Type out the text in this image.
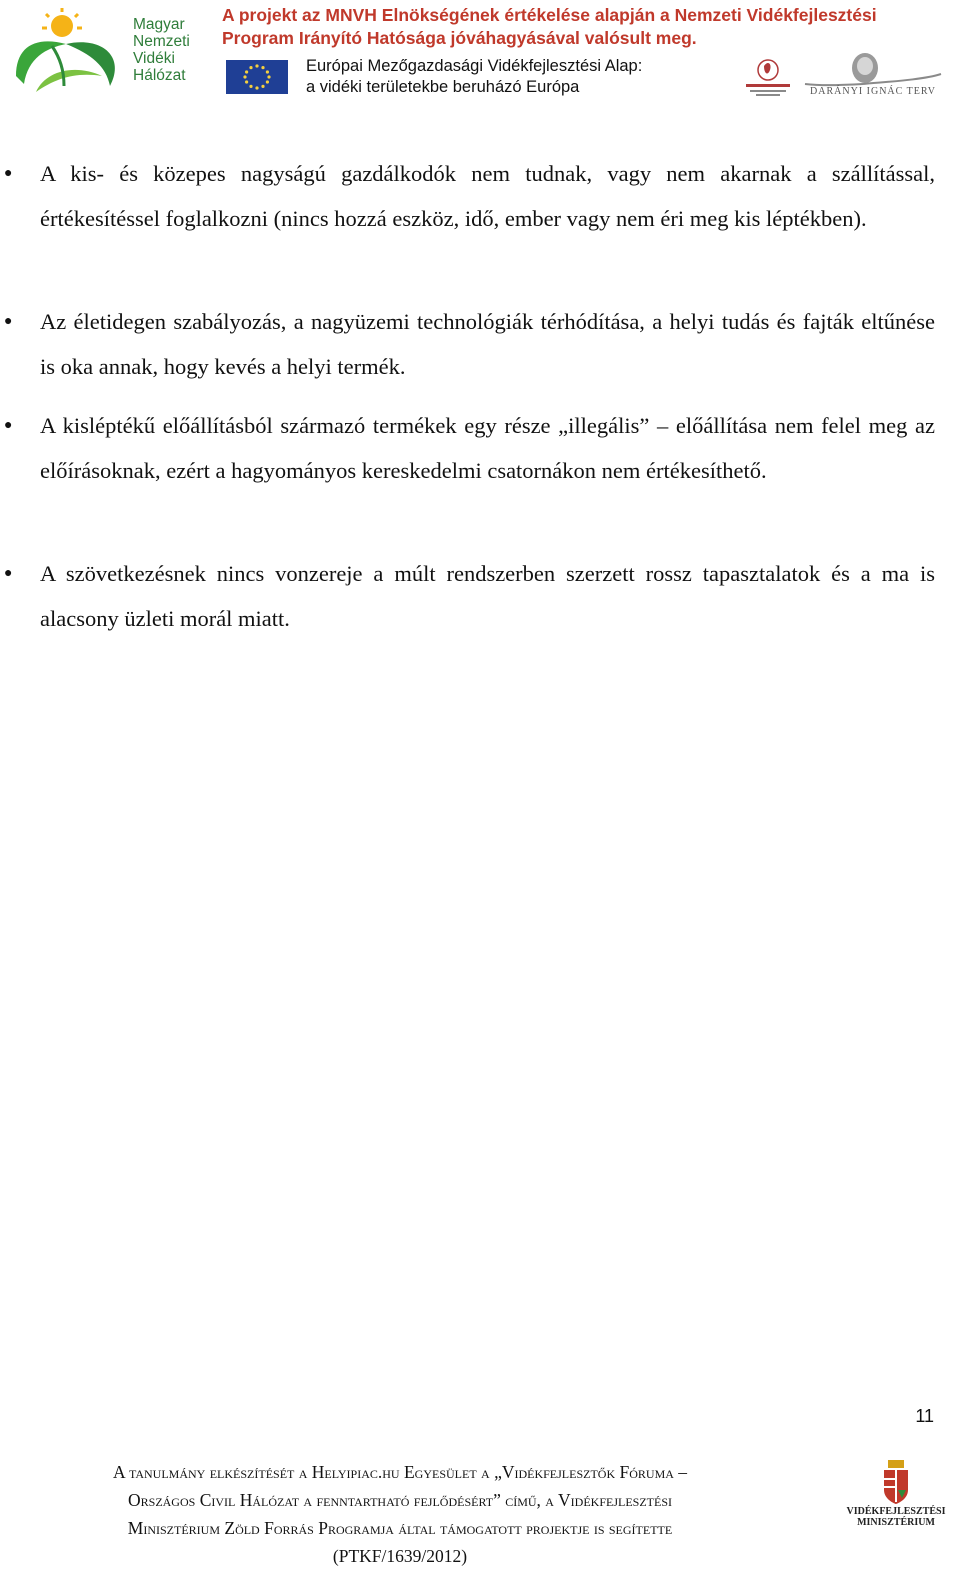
Magyar
Nemzeti
Vidéki
Hálózat
A projekt az MNVH Elnökségének értékelése alapján a Nemzeti Vidékfejlesztési
Program Irányító Hatósága jóváhagyásával valósult meg.
Európai Mezőgazdasági Vidékfejlesztési Alap:
a vidéki területekbe beruházó Európa	DARÁNYI IGNÁC TERV
● A kis- és közepes nagyságú gazdálkodók nem tudnak, vagy nem akarnak a szállítással, értékesítéssel foglalkozni (nincs hozzá eszköz, idő, ember vagy nem éri meg kis léptékben).
● Az életidegen szabályozás, a nagyüzemi technológiák térhódítása, a helyi tudás és fajták eltűnése is oka annak, hogy kevés a helyi termék.
● A kisléptékű előállításból származó termékek egy része „illegális” – előállítása nem felel meg az előírásoknak, ezért a hagyományos kereskedelmi csatornákon nem értékesíthető.
● A szövetkezésnek nincs vonzereje a múlt rendszerben szerzett rossz tapasztalatok és a ma is alacsony üzleti morál miatt.
11
A tanulmány elkészítését a Helyipiac.hu Egyesület a „Vidékfejlesztők Fóruma –
Országos Civil Hálózat a fenntartható fejlődésért” című, a Vidékfejlesztési
Minisztérium Zöld Forrás Programja által támogatott projektje is segítette
(PTKF/1639/2012)
VIDÉKFEJLESZTÉSI
MINISZTÉRIUM
